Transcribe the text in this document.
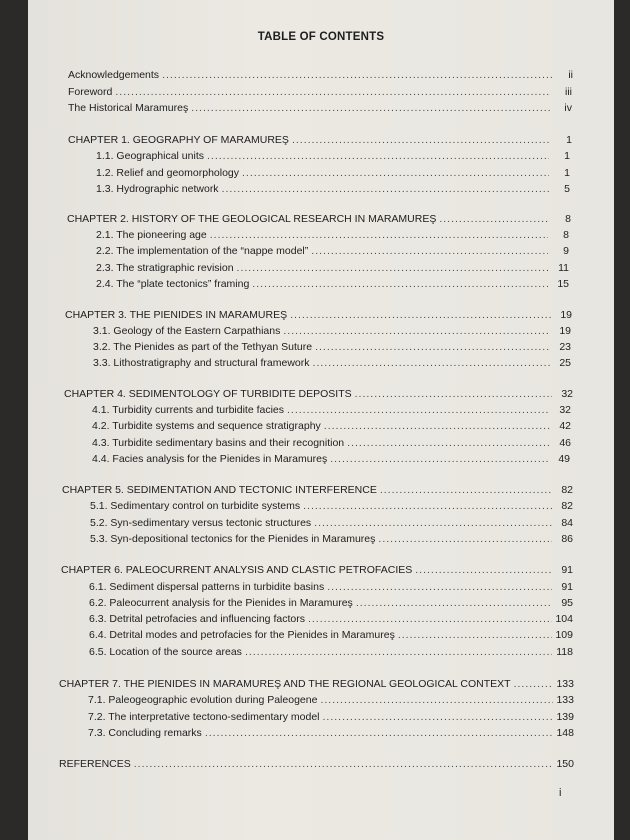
TABLE OF CONTENTS
Acknowledgements .....	ii
Foreword .....	iii
The Historical Maramureş .....	iv
CHAPTER 1. GEOGRAPHY OF MARAMUREŞ .....	1
1.1. Geographical units .....	1
1.2. Relief and geomorphology .....	1
1.3. Hydrographic network .....	5
CHAPTER 2. HISTORY OF THE GEOLOGICAL RESEARCH IN MARAMUREŞ .....	8
2.1. The pioneering age .....	8
2.2. The implementation of the “nappe model” .....	9
2.3. The stratigraphic revision .....	11
2.4. The “plate tectonics” framing .....	15
CHAPTER 3. THE PIENIDES IN MARAMUREŞ .....	19
3.1. Geology of the Eastern Carpathians .....	19
3.2. The Pienides as part of the Tethyan Suture .....	23
3.3. Lithostratigraphy and structural framework .....	25
CHAPTER 4. SEDIMENTOLOGY OF TURBIDITE DEPOSITS .....	32
4.1. Turbidity currents and turbidite facies .....	32
4.2. Turbidite systems and sequence stratigraphy .....	42
4.3. Turbidite sedimentary basins and their recognition .....	46
4.4. Facies analysis for the Pienides in Maramureş .....	49
CHAPTER 5. SEDIMENTATION AND TECTONIC INTERFERENCE .....	82
5.1. Sedimentary control on turbidite systems .....	82
5.2. Syn-sedimentary versus tectonic structures .....	84
5.3. Syn-depositional tectonics for the Pienides in Maramureş .....	86
CHAPTER 6. PALEOCURRENT ANALYSIS AND CLASTIC PETROFACIES .....	91
6.1. Sediment dispersal patterns in turbidite basins .....	91
6.2. Paleocurrent analysis for the Pienides in Maramureş .....	95
6.3. Detrital petrofacies and influencing factors .....	104
6.4. Detrital modes and petrofacies for the Pienides in Maramureş .....	109
6.5. Location of the source areas .....	118
CHAPTER 7. THE PIENIDES IN MARAMUREŞ AND THE REGIONAL GEOLOGICAL CONTEXT .....	133
7.1. Paleogeographic evolution during Paleogene .....	133
7.2. The interpretative tectono-sedimentary model .....	139
7.3. Concluding remarks .....	148
REFERENCES .....	150
i
